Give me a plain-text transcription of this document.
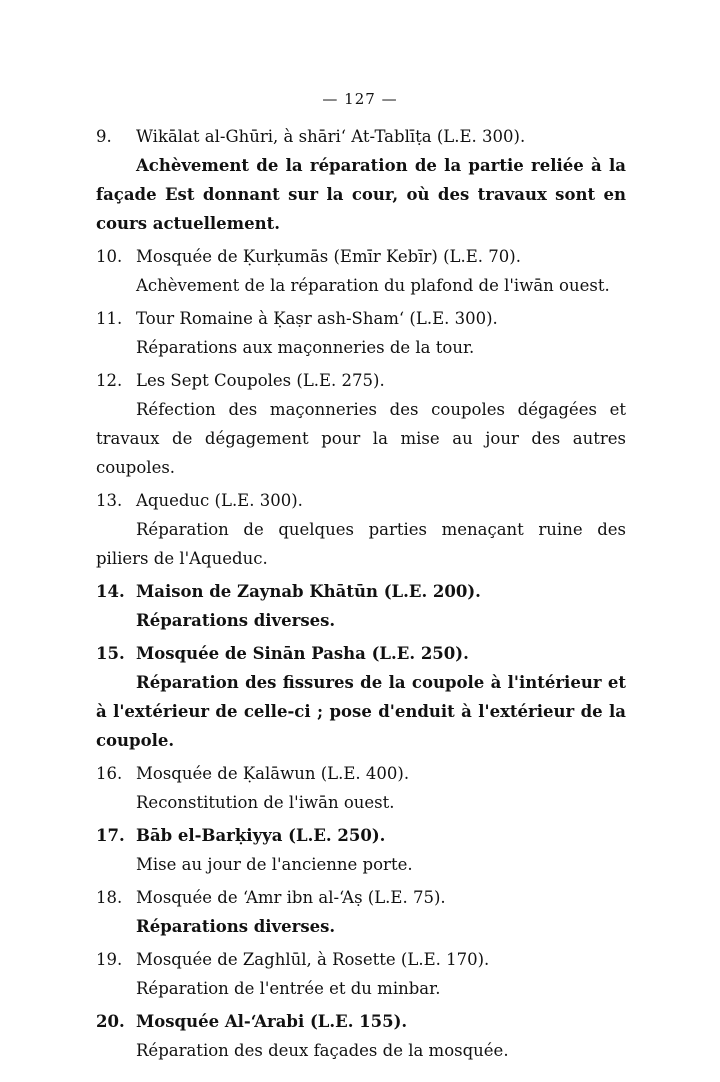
— 127 —
9. Wikālat al-Ghūri, à shāri‘ At-Tablīṭa (L.E. 300).
Achèvement de la réparation de la partie reliée à la façade Est donnant sur la cour, où des travaux sont en cours actuellement.
10. Mosquée de Ḳurḳumās (Emīr Kebīr) (L.E. 70).
Achèvement de la réparation du plafond de l'iwān ouest.
11. Tour Romaine à Ḳaṣr ash-Sham‘ (L.E. 300).
Réparations aux maçonneries de la tour.
12. Les Sept Coupoles (L.E. 275).
Réfection des maçonneries des coupoles dégagées et travaux de dégagement pour la mise au jour des autres coupoles.
13. Aqueduc (L.E. 300).
Réparation de quelques parties menaçant ruine des piliers de l'Aqueduc.
14. Maison de Zaynab Khātūn (L.E. 200).
Réparations diverses.
15. Mosquée de Sinān Pasha (L.E. 250).
Réparation des fissures de la coupole à l'intérieur et à l'extérieur de celle-ci ; pose d'enduit à l'extérieur de la coupole.
16. Mosquée de Ḳalāwun (L.E. 400).
Reconstitution de l'iwān ouest.
17. Bāb el-Barḳiyya (L.E. 250).
Mise au jour de l'ancienne porte.
18. Mosquée de ‘Amr ibn al-‘Aṣ (L.E. 75).
Réparations diverses.
19. Mosquée de Zaghlūl, à Rosette (L.E. 170).
Réparation de l'entrée et du minbar.
20. Mosquée Al-‘Arabi (L.E. 155).
Réparation des deux façades de la mosquée.
